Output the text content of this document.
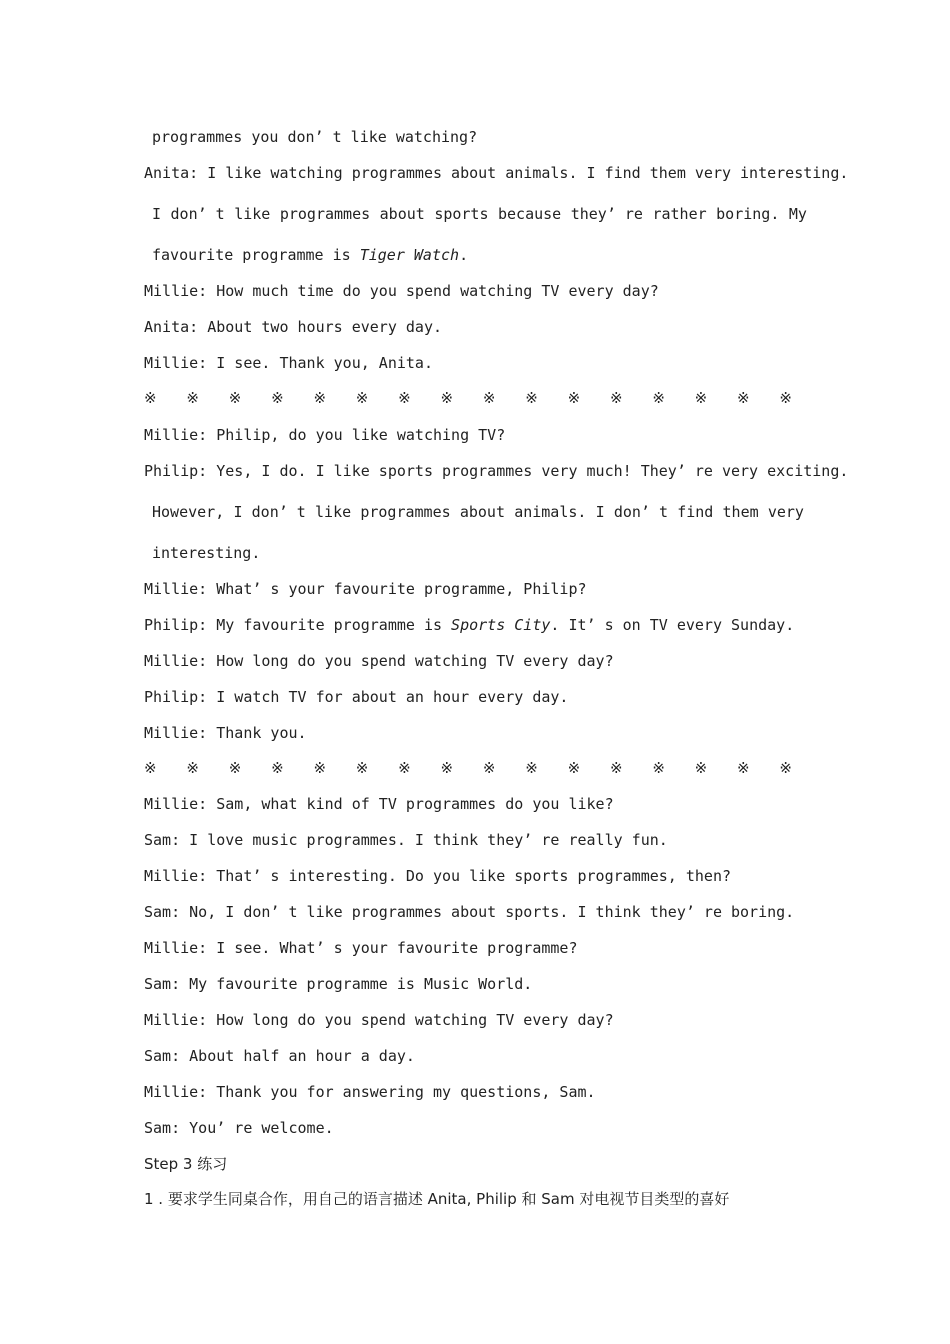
programmes you don’ t like watching?
Anita: I like watching programmes about animals. I find them very interesting.
I don’ t like programmes about sports because they’ re rather boring. My
favourite programme is Tiger Watch.
Millie: How much time do you spend watching TV every day?
Anita: About two hours every day.
Millie: I see. Thank you, Anita.
※ ※ ※ ※ ※ ※ ※ ※ ※ ※ ※ ※ ※ ※ ※ ※
Millie: Philip, do you like watching TV?
Philip: Yes, I do. I like sports programmes very much! They’ re very exciting.
However, I don’ t like programmes about animals. I don’ t find them very
interesting.
Millie: What’ s your favourite programme, Philip?
Philip: My favourite programme is Sports City. It’ s on TV every Sunday.
Millie: How long do you spend watching TV every day?
Philip: I watch TV for about an hour every day.
Millie: Thank you.
※ ※ ※ ※ ※ ※ ※ ※ ※ ※ ※ ※ ※ ※ ※ ※
Millie: Sam, what kind of TV programmes do you like?
Sam: I love music programmes. I think they’ re really fun.
Millie: That’ s interesting. Do you like sports programmes, then?
Sam: No, I don’ t like programmes about sports. I think they’ re boring.
Millie: I see. What’ s your favourite programme?
Sam: My favourite programme is Music World.
Millie: How long do you spend watching TV every day?
Sam: About half an hour a day.
Millie: Thank you for answering my questions, Sam.
Sam: You’ re welcome.
Step 3 练习
1 . 要求学生同桌合作，用自己的语言描述 Anita, Philip 和 Sam 对电视节目类型的喜好
